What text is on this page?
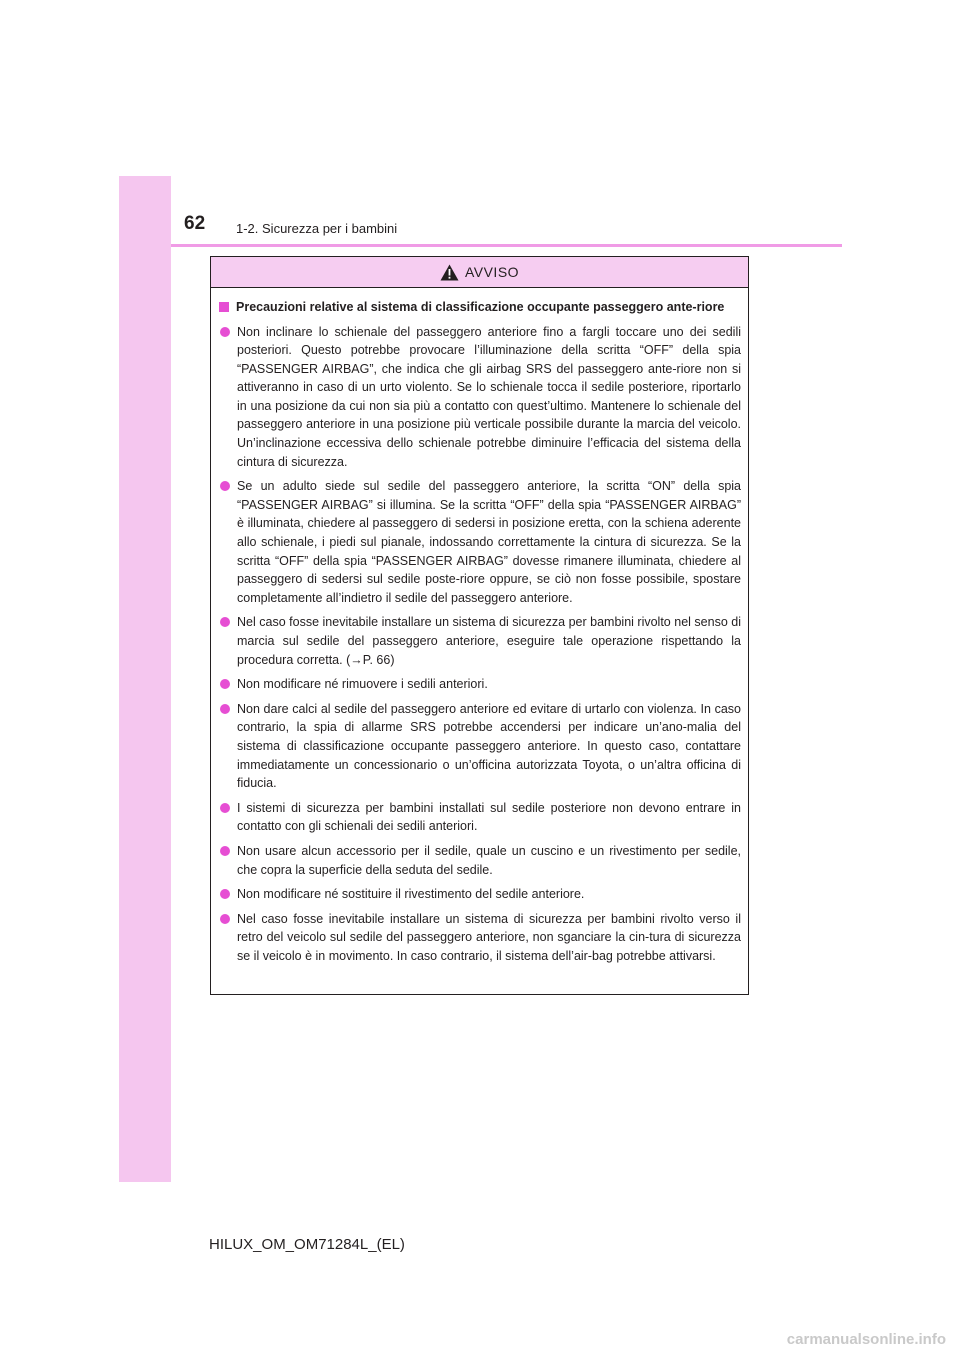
62 1-2. Sicurezza per i bambini
AVVISO
Precauzioni relative al sistema di classificazione occupante passeggero ante-riore
Non inclinare lo schienale del passeggero anteriore fino a fargli toccare uno dei sedili posteriori. Questo potrebbe provocare l’illuminazione della scritta “OFF” della spia “PASSENGER AIRBAG”, che indica che gli airbag SRS del passeggero ante-riore non si attiveranno in caso di un urto violento. Se lo schienale tocca il sedile posteriore, riportarlo in una posizione da cui non sia più a contatto con quest’ultimo. Mantenere lo schienale del passeggero anteriore in una posizione più verticale possibile durante la marcia del veicolo. Un’inclinazione eccessiva dello schienale potrebbe diminuire l’efficacia del sistema della cintura di sicurezza.
Se un adulto siede sul sedile del passeggero anteriore, la scritta “ON” della spia “PASSENGER AIRBAG” si illumina. Se la scritta “OFF” della spia “PASSENGER AIRBAG” è illuminata, chiedere al passeggero di sedersi in posizione eretta, con la schiena aderente allo schienale, i piedi sul pianale, indossando correttamente la cintura di sicurezza. Se la scritta “OFF” della spia “PASSENGER AIRBAG” dovesse rimanere illuminata, chiedere al passeggero di sedersi sul sedile poste-riore oppure, se ciò non fosse possibile, spostare completamente all’indietro il sedile del passeggero anteriore.
Nel caso fosse inevitabile installare un sistema di sicurezza per bambini rivolto nel senso di marcia sul sedile del passeggero anteriore, eseguire tale operazione rispettando la procedura corretta. (→P. 66)
Non modificare né rimuovere i sedili anteriori.
Non dare calci al sedile del passeggero anteriore ed evitare di urtarlo con violenza. In caso contrario, la spia di allarme SRS potrebbe accendersi per indicare un’ano-malia del sistema di classificazione occupante passeggero anteriore. In questo caso, contattare immediatamente un concessionario o un’officina autorizzata Toyota, o un’altra officina di fiducia.
I sistemi di sicurezza per bambini installati sul sedile posteriore non devono entrare in contatto con gli schienali dei sedili anteriori.
Non usare alcun accessorio per il sedile, quale un cuscino e un rivestimento per sedile, che copra la superficie della seduta del sedile.
Non modificare né sostituire il rivestimento del sedile anteriore.
Nel caso fosse inevitabile installare un sistema di sicurezza per bambini rivolto verso il retro del veicolo sul sedile del passeggero anteriore, non sganciare la cin-tura di sicurezza se il veicolo è in movimento. In caso contrario, il sistema dell’air-bag potrebbe attivarsi.
HILUX_OM_OM71284L_(EL)
carmanualsonline.info
